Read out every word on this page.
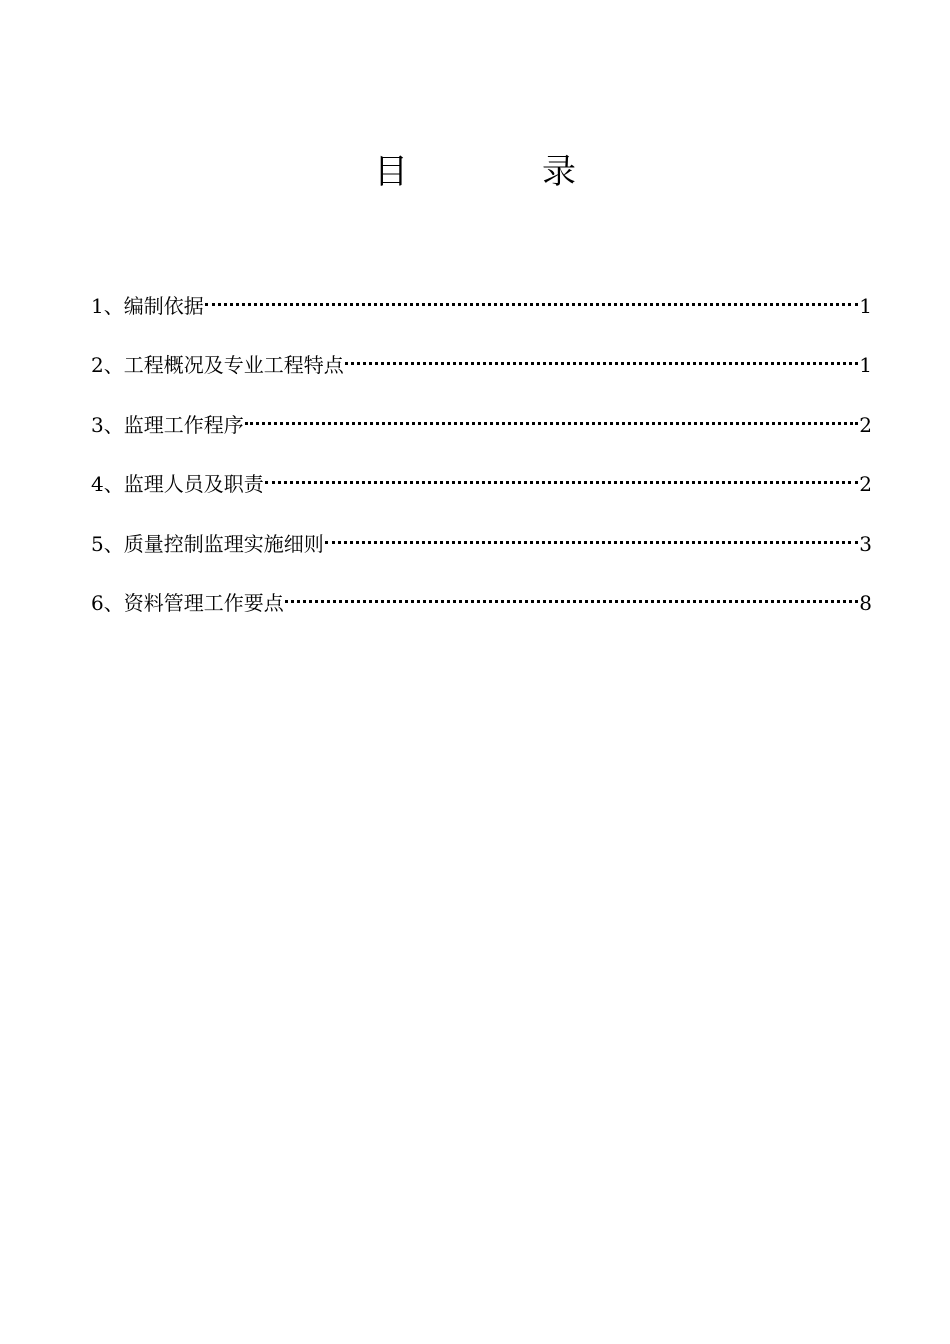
目　录
1、 编制依据	1
2、 工程概况及专业工程特点	1
3、 监理工作程序	2
4、 监理人员及职责	2
5、 质量控制监理实施细则	3
6、 资料管理工作要点	8
